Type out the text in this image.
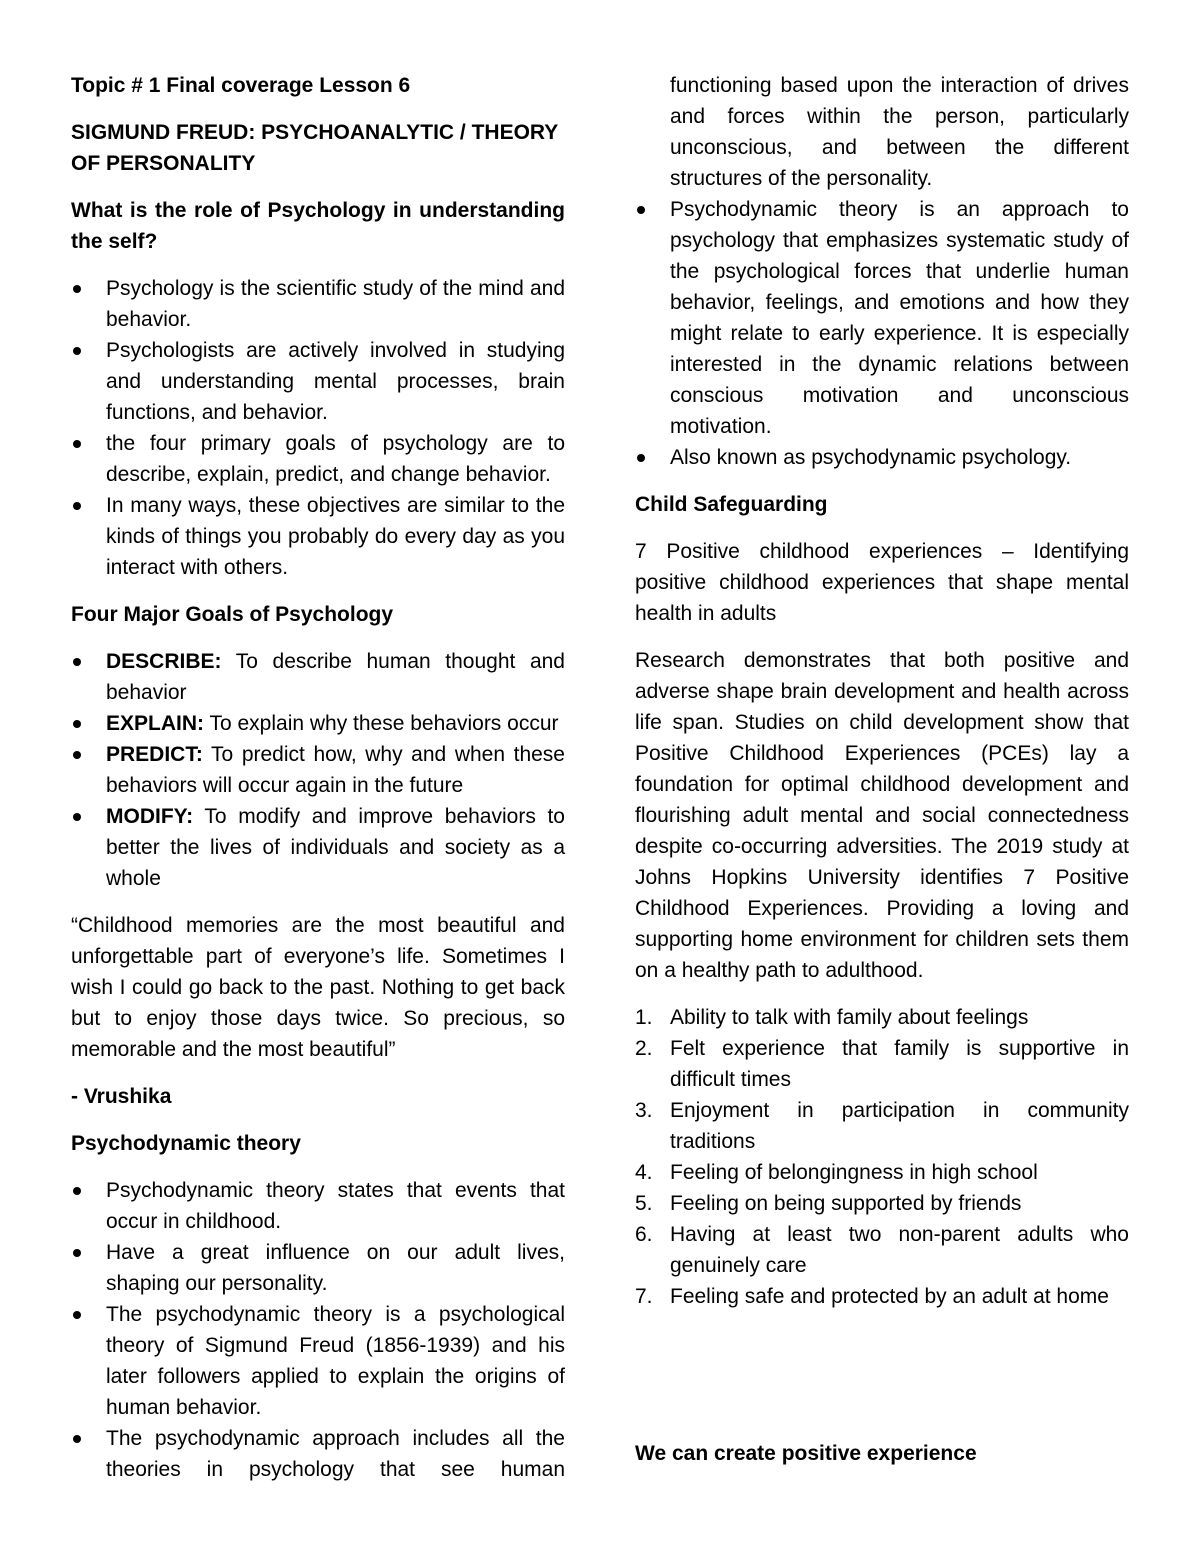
Topic # 1 Final coverage Lesson 6

SIGMUND FREUD: PSYCHOANALYTIC / THEORY OF PERSONALITY

What is the role of Psychology in understanding the self?

Psychology is the scientific study of the mind and behavior.
Psychologists are actively involved in studying and understanding mental processes, brain functions, and behavior.
the four primary goals of psychology are to describe, explain, predict, and change behavior.
In many ways, these objectives are similar to the kinds of things you probably do every day as you interact with others.

Four Major Goals of Psychology

DESCRIBE: To describe human thought and behavior
EXPLAIN: To explain why these behaviors occur
PREDICT: To predict how, why and when these behaviors will occur again in the future
MODIFY: To modify and improve behaviors to better the lives of individuals and society as a whole

“Childhood memories are the most beautiful and unforgettable part of everyone’s life. Sometimes I wish I could go back to the past. Nothing to get back but to enjoy those days twice. So precious, so memorable and the most beautiful”

- Vrushika

Psychodynamic theory

Psychodynamic theory states that events that occur in childhood.
Have a great influence on our adult lives, shaping our personality.
The psychodynamic theory is a psychological theory of Sigmund Freud (1856-1939) and his later followers applied to explain the origins of human behavior.
The psychodynamic approach includes all the theories in psychology that see human
functioning based upon the interaction of drives and forces within the person, particularly unconscious, and between the different structures of the personality.
Psychodynamic theory is an approach to psychology that emphasizes systematic study of the psychological forces that underlie human behavior, feelings, and emotions and how they might relate to early experience. It is especially interested in the dynamic relations between conscious motivation and unconscious motivation.
Also known as psychodynamic psychology.

Child Safeguarding

7 Positive childhood experiences – Identifying positive childhood experiences that shape mental health in adults

Research demonstrates that both positive and adverse shape brain development and health across life span. Studies on child development show that Positive Childhood Experiences (PCEs) lay a foundation for optimal childhood development and flourishing adult mental and social connectedness despite co-occurring adversities. The 2019 study at Johns Hopkins University identifies 7 Positive Childhood Experiences. Providing a loving and supporting home environment for children sets them on a healthy path to adulthood.

1. Ability to talk with family about feelings
2. Felt experience that family is supportive in difficult times
3. Enjoyment in participation in community traditions
4. Feeling of belongingness in high school
5. Feeling on being supported by friends
6. Having at least two non-parent adults who genuinely care
7. Feeling safe and protected by an adult at home

We can create positive experience
